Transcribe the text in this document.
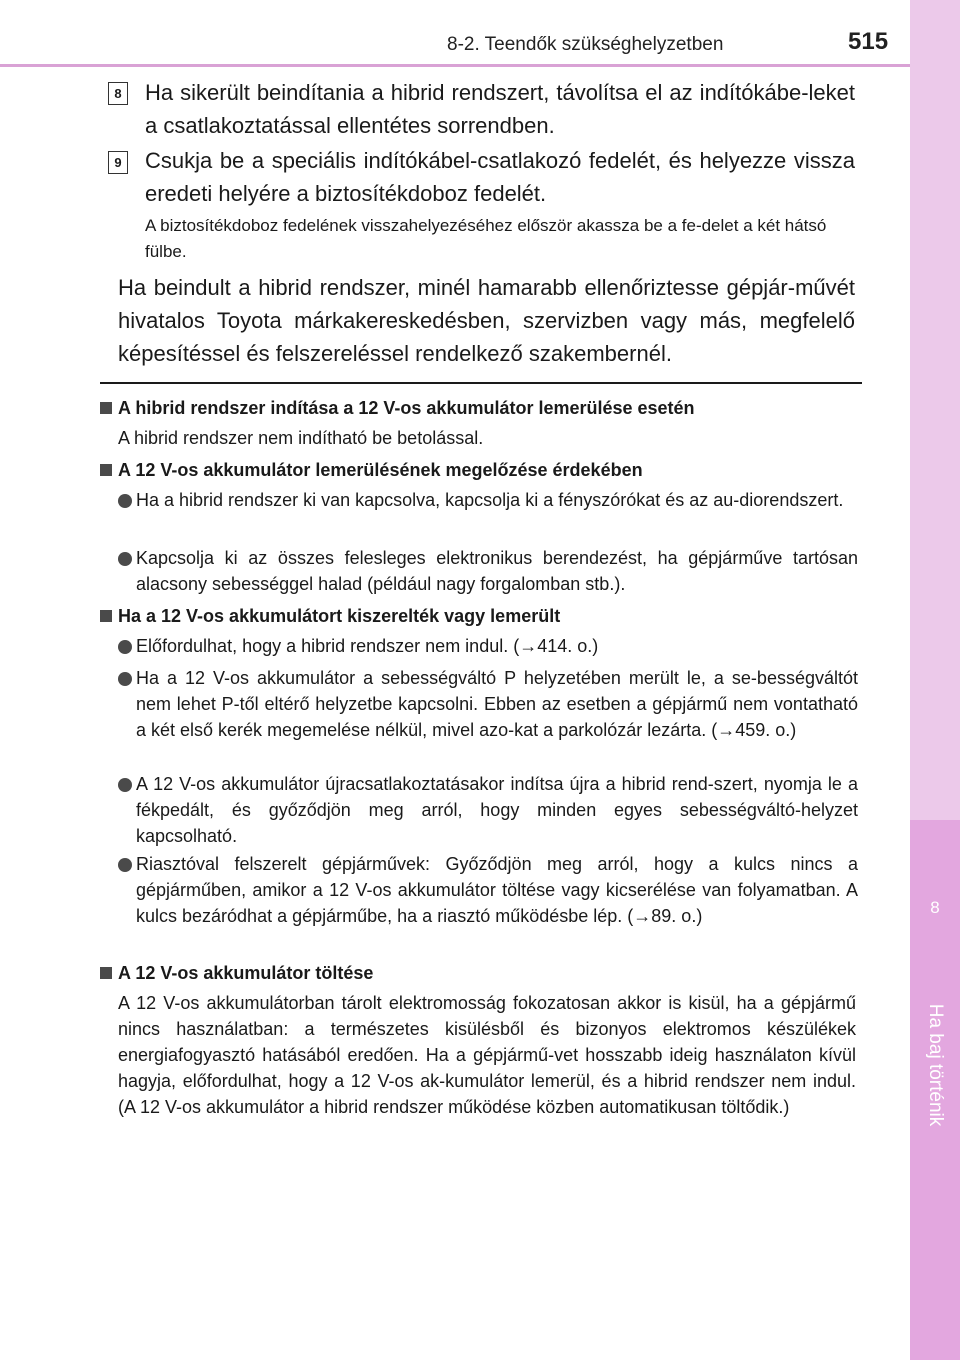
8-2. Teendők szükséghelyzetben	515
8
Ha baj történik
8 Ha sikerült beindítania a hibrid rendszert, távolítsa el az indítókábe-leket a csatlakoztatással ellentétes sorrendben.

9 Csukja be a speciális indítókábel-csatlakozó fedelét, és helyezze vissza eredeti helyére a biztosítékdoboz fedelét.

A biztosítékdoboz fedelének visszahelyezéséhez először akassza be a fe-delet a két hátsó fülbe.

Ha beindult a hibrid rendszer, minél hamarabb ellenőriztesse gépjár-művét hivatalos Toyota márkakereskedésben, szervizben vagy más, megfelelő képesítéssel és felszereléssel rendelkező szakembernél.

A hibrid rendszer indítása a 12 V-os akkumulátor lemerülése esetén

A hibrid rendszer nem indítható be betolással.

A 12 V-os akkumulátor lemerülésének megelőzése érdekében

Ha a hibrid rendszer ki van kapcsolva, kapcsolja ki a fényszórókat és az au-diorendszert.

Kapcsolja ki az összes felesleges elektronikus berendezést, ha gépjárműve tartósan alacsony sebességgel halad (például nagy forgalomban stb.).

Ha a 12 V-os akkumulátort kiszerelték vagy lemerült

Előfordulhat, hogy a hibrid rendszer nem indul. (→414. o.)

Ha a 12 V-os akkumulátor a sebességváltó P helyzetében merült le, a se-bességváltót nem lehet P-től eltérő helyzetbe kapcsolni. Ebben az esetben a gépjármű nem vontatható a két első kerék megemelése nélkül, mivel azo-kat a parkolózár lezárta. (→459. o.)

A 12 V-os akkumulátor újracsatlakoztatásakor indítsa újra a hibrid rend-szert, nyomja le a fékpedált, és győződjön meg arról, hogy minden egyes sebességváltó-helyzet kapcsolható.

Riasztóval felszerelt gépjárművek: Győződjön meg arról, hogy a kulcs nincs a gépjárműben, amikor a 12 V-os akkumulátor töltése vagy kicserélése van folyamatban. A kulcs bezáródhat a gépjárműbe, ha a riasztó működésbe lép. (→89. o.)

A 12 V-os akkumulátor töltése

A 12 V-os akkumulátorban tárolt elektromosság fokozatosan akkor is kisül, ha a gépjármű nincs használatban: a természetes kisülésből és bizonyos elektromos készülékek energiafogyasztó hatásából eredően. Ha a gépjármű-vet hosszabb ideig használaton kívül hagyja, előfordulhat, hogy a 12 V-os ak-kumulátor lemerül, és a hibrid rendszer nem indul. (A 12 V-os akkumulátor a hibrid rendszer működése közben automatikusan töltődik.)
